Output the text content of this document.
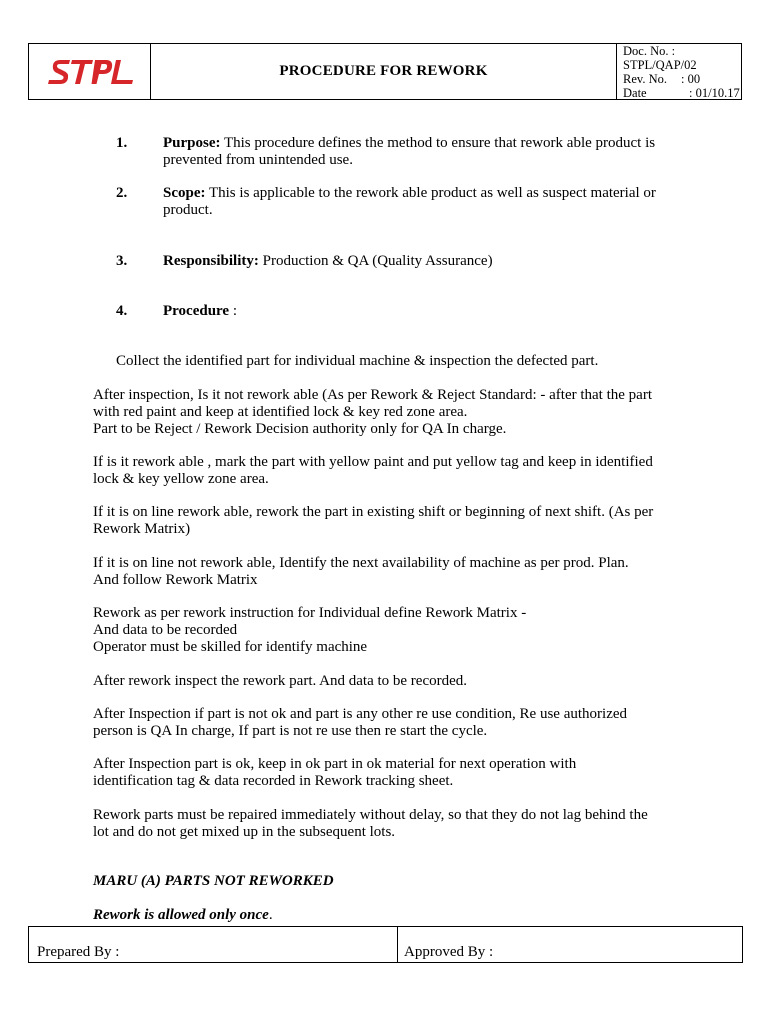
PROCEDURE FOR REWORK
Doc. No. :
STPL/QAP/02
Rev. No. : 00
Date	: 01/10.17
1. Purpose: This procedure defines the method to ensure that rework able product is
prevented from unintended use.
2. Scope: This is applicable to the rework able product as well as suspect material or
product.
3. Responsibility: Production & QA (Quality Assurance)
4. Procedure :
Collect the identified part for individual machine & inspection the defected part.
After inspection, Is it not rework able (As per Rework & Reject Standard: - after that the part
with red paint and keep at identified lock & key red zone area.
Part to be Reject / Rework Decision authority only for QA In charge.
If is it rework able , mark the part with yellow paint and put yellow tag and keep in identified
lock & key yellow zone area.
If it is on line rework able, rework the part in existing shift or beginning of next shift. (As per
Rework Matrix)
If it is on line not rework able, Identify the next availability of machine as per prod. Plan.
And follow Rework Matrix
Rework as per rework instruction for Individual define Rework Matrix -
And data to be recorded
Operator must be skilled for identify machine
After rework inspect the rework part. And data to be recorded.
After Inspection if part is not ok and part is any other re use condition, Re use authorized
person is QA In charge, If part is not re use then re start the cycle.
After Inspection part is ok, keep in ok part in ok material for next operation with
identification tag & data recorded in Rework tracking sheet.
Rework parts must be repaired immediately without delay, so that they do not lag behind the
lot and do not get mixed up in the subsequent lots.
MARU (A) PARTS NOT REWORKED
Rework is allowed only once.
Prepared By :	Approved By :
